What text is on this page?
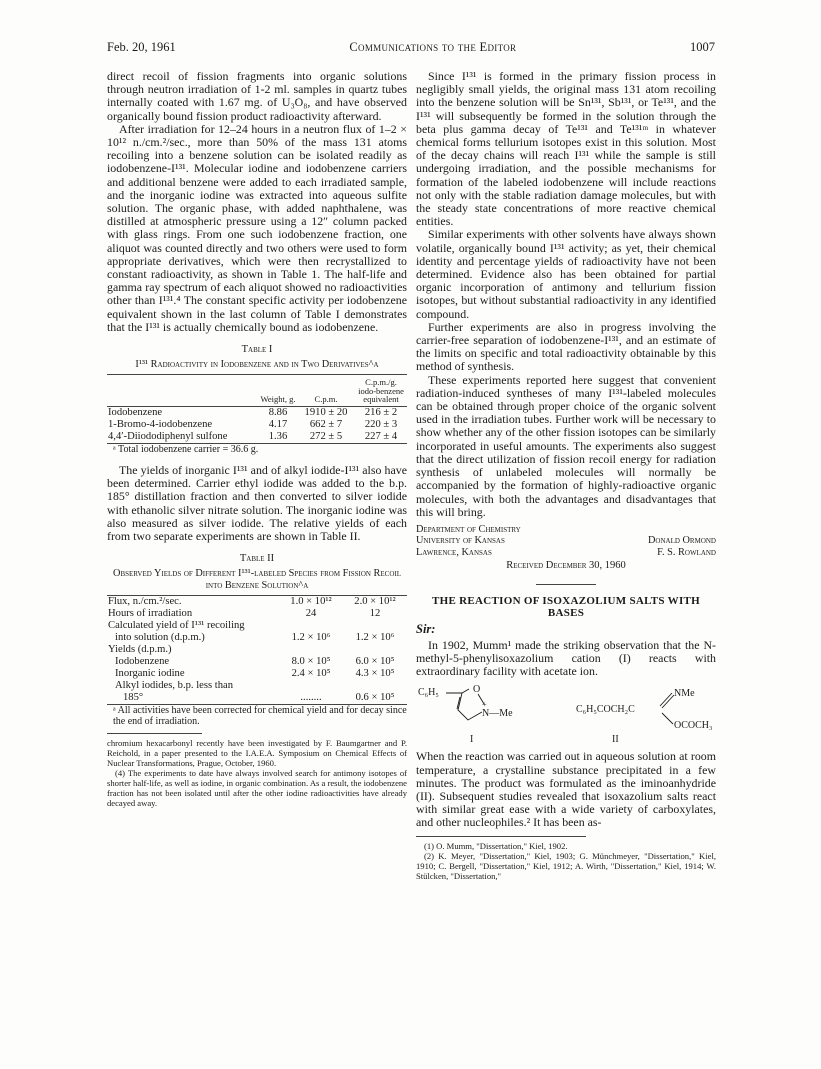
Feb. 20, 1961	Communications to the Editor	1007

direct recoil of fission fragments into organic solutions through neutron irradiation of 1-2 ml. samples in quartz tubes internally coated with 1.67 mg. of U₃O₈, and have observed organically bound fission product radioactivity afterward.

After irradiation for 12–24 hours in a neutron flux of 1–2 × 10¹² n./cm.²/sec., more than 50% of the mass 131 atoms recoiling into a benzene solution can be isolated readily as iodobenzene-I¹³¹. Molecular iodine and iodobenzene carriers and additional benzene were added to each irradiated sample, and the inorganic iodine was extracted into aqueous sulfite solution. The organic phase, with added naphthalene, was distilled at atmospheric pressure using a 12″ column packed with glass rings. From one such iodobenzene fraction, one aliquot was counted directly and two others were used to form appropriate derivatives, which were then recrystallized to constant radioactivity, as shown in Table 1. The half-life and gamma ray spectrum of each aliquot showed no radioactivities other than I¹³¹.⁴ The constant specific activity per iodobenzene equivalent shown in the last column of Table I demonstrates that the I¹³¹ is actually chemically bound as iodobenzene.

Table I
I¹³¹ Radioactivity in Iodobenzene and in Two Derivatives^a
	Weight, g.	C.p.m.	C.p.m./g. iodo-benzene equivalent
Iodobenzene	8.86	1910 ± 20	216 ± 2
1-Bromo-4-iodobenzene	4.17	662 ± 7	220 ± 3
4,4′-Diiododiphenyl sulfone	1.36	272 ± 5	227 ± 4
ᵃ Total iodobenzene carrier = 36.6 g.

The yields of inorganic I¹³¹ and of alkyl iodide-I¹³¹ also have been determined. Carrier ethyl iodide was added to the b.p. 185° distillation fraction and then converted to silver iodide with ethanolic silver nitrate solution. The inorganic iodine was also measured as silver iodide. The relative yields of each from two separate experiments are shown in Table II.

Table II
Observed Yields of Different I¹³¹-labeled Species from Fission Recoil into Benzene Solution^a
Flux, n./cm.²/sec.	1.0 × 10¹²	2.0 × 10¹²
Hours of irradiation	24	12
Calculated yield of I¹³¹ recoiling		
into solution (d.p.m.)	1.2 × 10⁶	1.2 × 10⁶
Yields (d.p.m.)		
Iodobenzene	8.0 × 10⁵	6.0 × 10⁵
Inorganic iodine	2.4 × 10⁵	4.3 × 10⁵
Alkyl iodides, b.p. less than		
185°	........	0.6 × 10⁵
ᵃ All activities have been corrected for chemical yield and for decay since the end of irradiation.
chromium hexacarbonyl recently have been investigated by F. Baumgartner and P. Reichold, in a paper presented to the I.A.E.A. Symposium on Chemical Effects of Nuclear Transformations, Prague, October, 1960.
(4) The experiments to date have always involved search for antimony isotopes of shorter half-life, as well as iodine, in organic combination. As a result, the iodobenzene fraction has not been isolated until after the other iodine radioactivities have already decayed away.

Since I¹³¹ is formed in the primary fission process in negligibly small yields, the original mass 131 atom recoiling into the benzene solution will be Sn¹³¹, Sb¹³¹, or Te¹³¹, and the I¹³¹ will subsequently be formed in the solution through the beta plus gamma decay of Te¹³¹ and Te¹³¹ᵐ in whatever chemical forms tellurium isotopes exist in this solution. Most of the decay chains will reach I¹³¹ while the sample is still undergoing irradiation, and the possible mechanisms for formation of the labeled iodobenzene will include reactions not only with the stable radiation damage molecules, but with the steady state concentrations of more reactive chemical entities.

Similar experiments with other solvents have always shown volatile, organically bound I¹³¹ activity; as yet, their chemical identity and percentage yields of radioactivity have not been determined. Evidence also has been obtained for partial organic incorporation of antimony and tellurium fission isotopes, but without substantial radioactivity in any identified compound.

Further experiments are also in progress involving the carrier-free separation of iodobenzene-I¹³¹, and an estimate of the limits on specific and total radioactivity obtainable by this method of synthesis.

These experiments reported here suggest that convenient radiation-induced syntheses of many I¹³¹-labeled molecules can be obtained through proper choice of the organic solvent used in the irradiation tubes. Further work will be necessary to show whether any of the other fission isotopes can be similarly incorporated in useful amounts. The experiments also suggest that the direct utilization of fission recoil energy for radiation synthesis of unlabeled molecules will normally be accompanied by the formation of highly-radioactive organic molecules, with both the advantages and disadvantages that this will bring.

Department of Chemistry
University of Kansas	Donald Ormond
Lawrence, Kansas	F. S. Rowland
Received December 30, 1960
THE REACTION OF ISOXAZOLIUM SALTS WITH BASES
Sir:

In 1902, Mumm¹ made the striking observation that the N-methyl-5-phenylisoxazolium cation (I) reacts with extraordinary facility with acetate ion.

C₆H₅	O
+
N—Me
I
C₆H₅COCH₂C
NMe
OCOCH₃
II

When the reaction was carried out in aqueous solution at room temperature, a crystalline substance precipitated in a few minutes. The product was formulated as the iminoanhydride (II). Subsequent studies revealed that isoxazolium salts react with similar great ease with a wide variety of carboxylates, and other nucleophiles.² It has been as-

(1) O. Mumm, "Dissertation," Kiel, 1902.
(2) K. Meyer, "Dissertation," Kiel, 1903; G. Münchmeyer, "Dissertation," Kiel, 1910; C. Bergell, "Dissertation," Kiel, 1912; A. Wirth, "Dissertation," Kiel, 1914; W. Stülcken, "Dissertation,"
